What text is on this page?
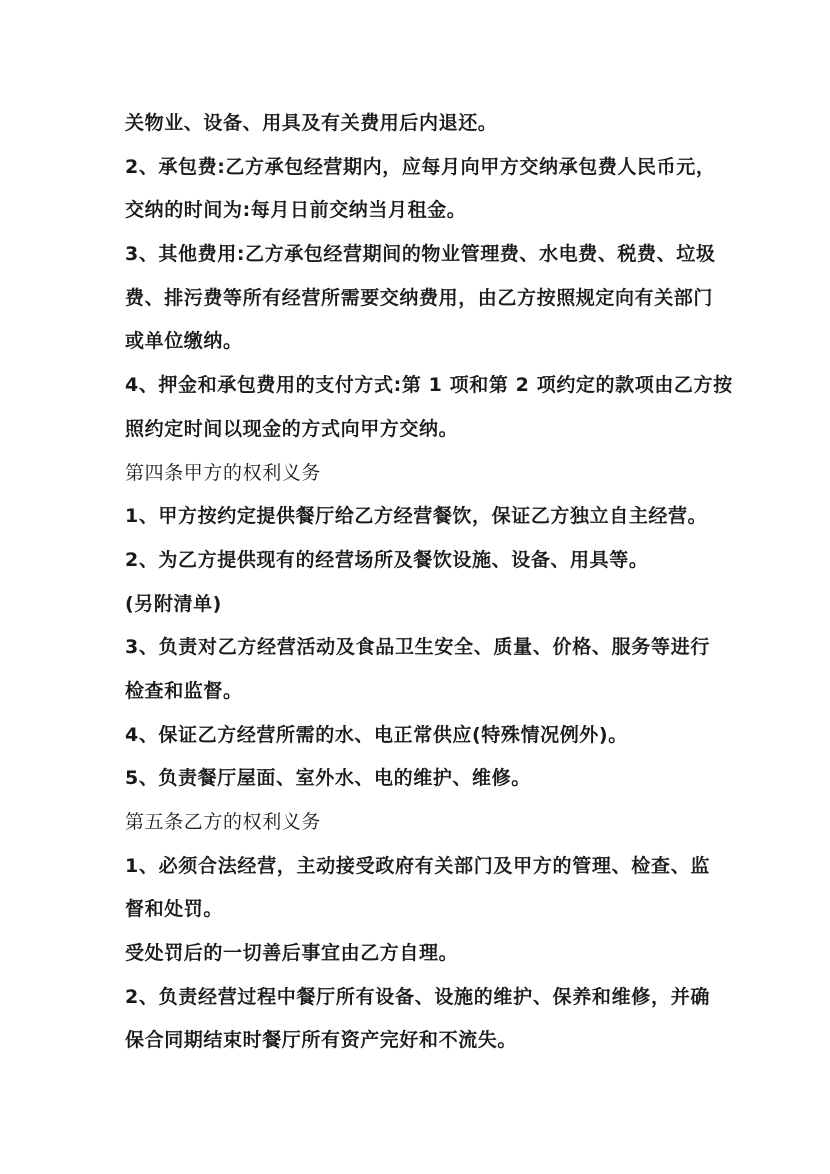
关物业、设备、用具及有关费用后内退还。
2、承包费:乙方承包经营期内，应每月向甲方交纳承包费人民币元，
交纳的时间为:每月日前交纳当月租金。
3、其他费用:乙方承包经营期间的物业管理费、水电费、税费、垃圾
费、排污费等所有经营所需要交纳费用，由乙方按照规定向有关部门
或单位缴纳。
4、押金和承包费用的支付方式:第 1 项和第 2 项约定的款项由乙方按
照约定时间以现金的方式向甲方交纳。
第四条甲方的权利义务
1、甲方按约定提供餐厅给乙方经营餐饮，保证乙方独立自主经营。
2、为乙方提供现有的经营场所及餐饮设施、设备、用具等。
(另附清单)
3、负责对乙方经营活动及食品卫生安全、质量、价格、服务等进行
检查和监督。
4、保证乙方经营所需的水、电正常供应(特殊情况例外)。
5、负责餐厅屋面、室外水、电的维护、维修。
第五条乙方的权利义务
1、必须合法经营，主动接受政府有关部门及甲方的管理、检查、监
督和处罚。
受处罚后的一切善后事宜由乙方自理。
2、负责经营过程中餐厅所有设备、设施的维护、保养和维修，并确
保合同期结束时餐厅所有资产完好和不流失。
